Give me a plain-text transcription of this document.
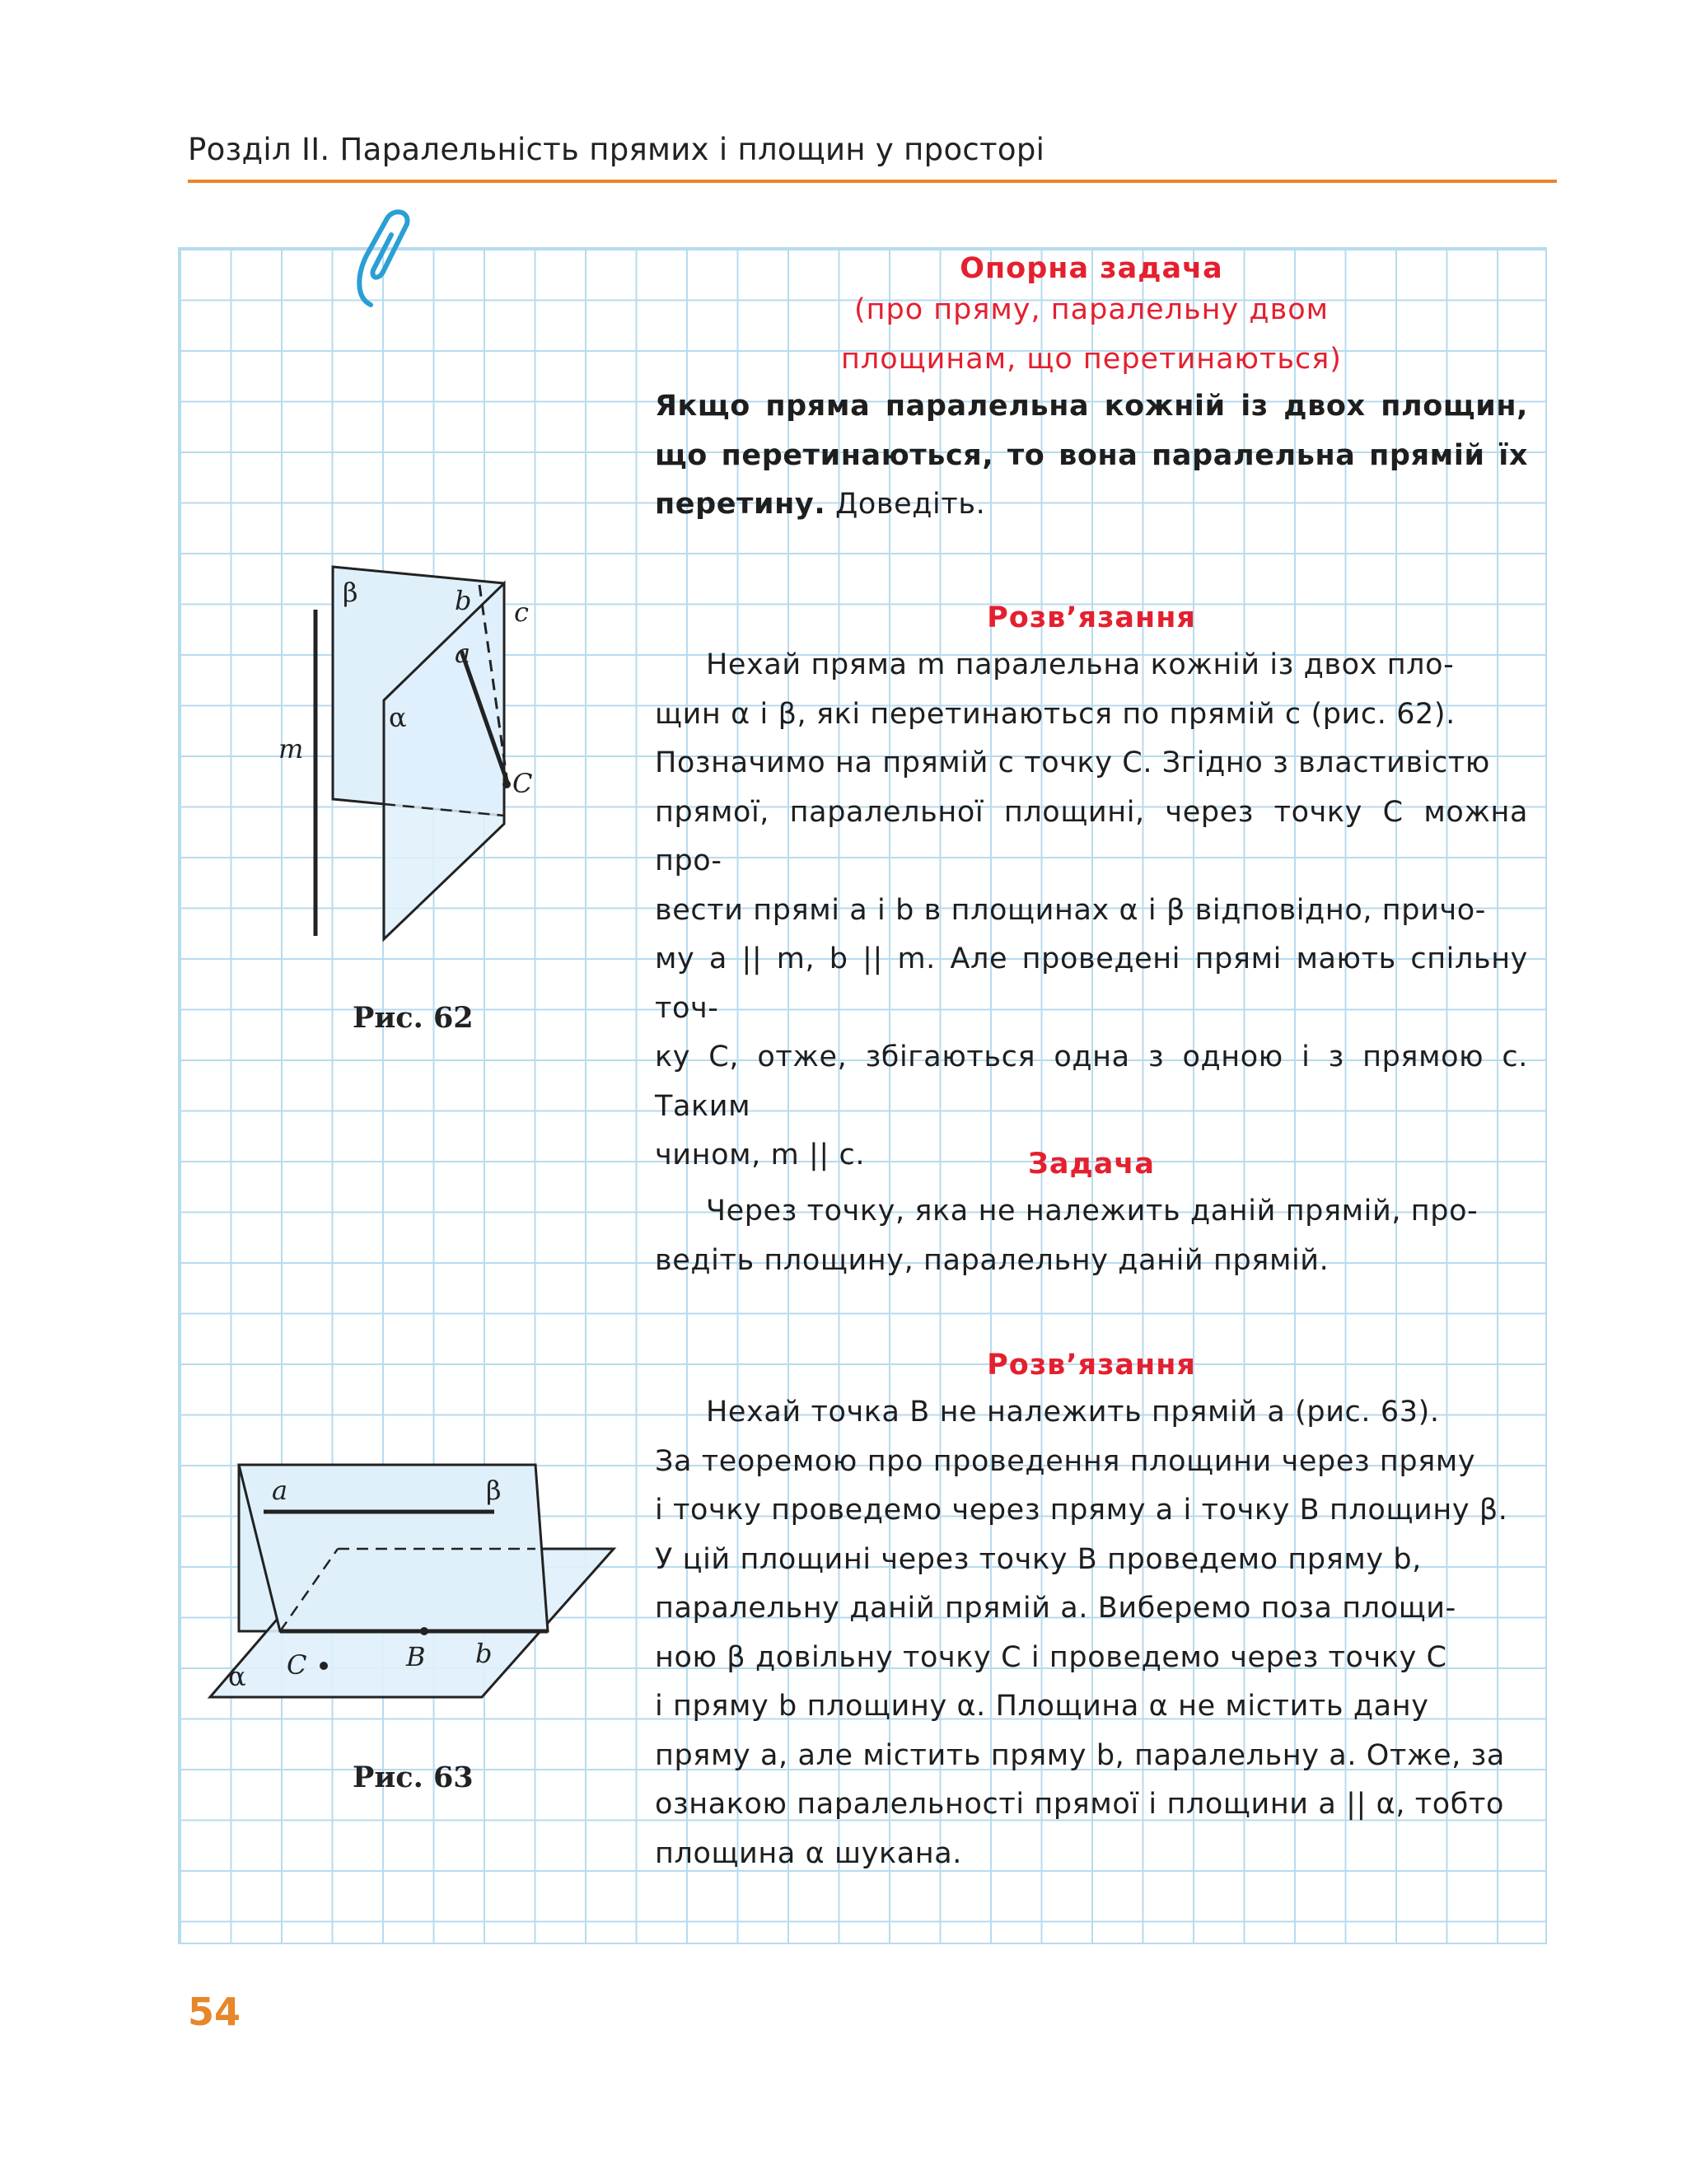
Розділ II. Паралельність прямих і площин у просторі
Опорна задача
(про пряму, паралельну двом
площинам, що перетинаються)

Якщо пряма паралельна кожній із двох площин, що перетинаються, то вона паралельна прямій їх перетину. Доведіть.

Розв’язання
Нехай пряма m паралельна кожній із двох пло-
щин α і β, які перетинаються по прямій c (рис. 62).
Позначимо на прямій c точку C. Згідно з властивістю
прямої, паралельної площині, через точку C можна про-
вести прямі a і b в площинах α і β відповідно, причо-
му a || m, b || m. Але проведені прямі мають спільну точ-
ку C, отже, збігаються одна з одною і з прямою c. Таким
чином, m || c.
β
α
a
b c
m
C
Рис. 62
Задача
Через точку, яка не належить даній прямій, про-
ведіть площину, паралельну даній прямій.
Розв’язання
Нехай точка B не належить прямій a (рис. 63).
За теоремою про проведення площини через пряму
і точку проведемо через пряму a і точку B площину β.
У цій площині через точку B проведемо пряму b,
паралельну даній прямій a. Виберемо поза площи-
ною β довільну точку C і проведемо через точку C
і пряму b площину α. Площина α не містить дану
пряму a, але містить пряму b, паралельну a. Отже, за
ознакою паралельності прямої і площини a || α, тобто
площина α шукана.
a	β
α C	B b
Рис. 63
54
